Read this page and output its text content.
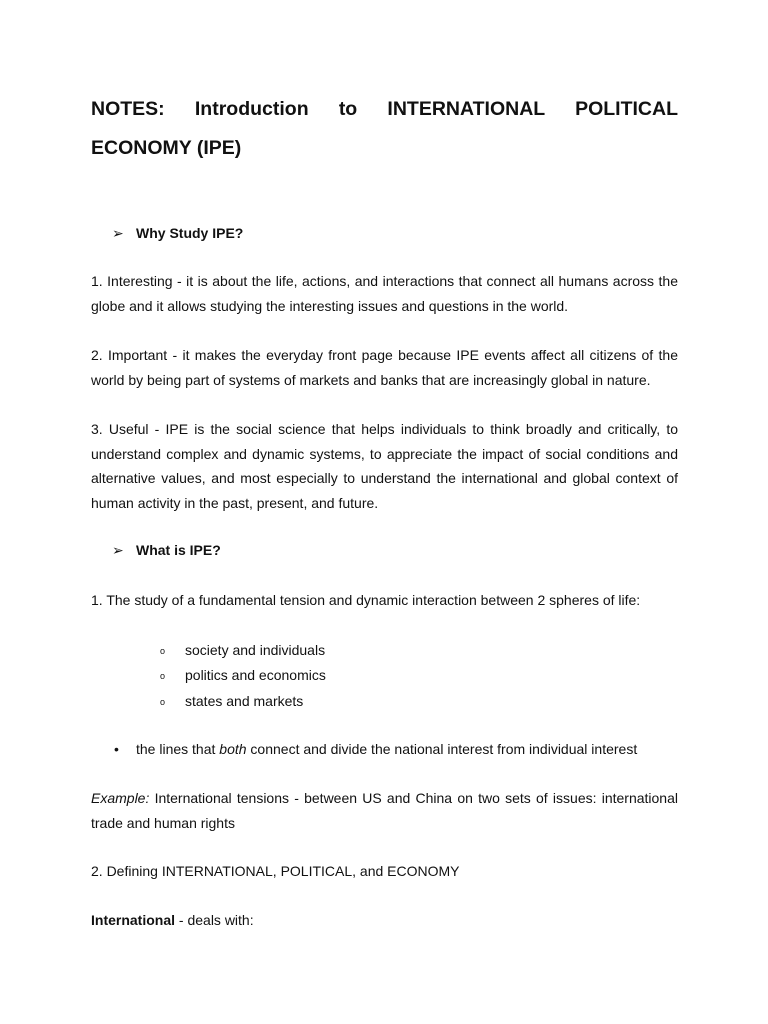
NOTES: Introduction to INTERNATIONAL POLITICAL ECONOMY (IPE)

➢ Why Study IPE?

1. Interesting - it is about the life, actions, and interactions that connect all humans across the globe and it allows studying the interesting issues and questions in the world.

2. Important - it makes the everyday front page because IPE events affect all citizens of the world by being part of systems of markets and banks that are increasingly global in nature.

3. Useful - IPE is the social science that helps individuals to think broadly and critically, to understand complex and dynamic systems, to appreciate the impact of social conditions and alternative values, and most especially to understand the international and global context of human activity in the past, present, and future.

➢ What is IPE?

1. The study of a fundamental tension and dynamic interaction between 2 spheres of life:

o society and individuals
o politics and economics
o states and markets
• the lines that both connect and divide the national interest from individual interest

Example: International tensions - between US and China on two sets of issues: international trade and human rights

2. Defining INTERNATIONAL, POLITICAL, and ECONOMY

International - deals with:
